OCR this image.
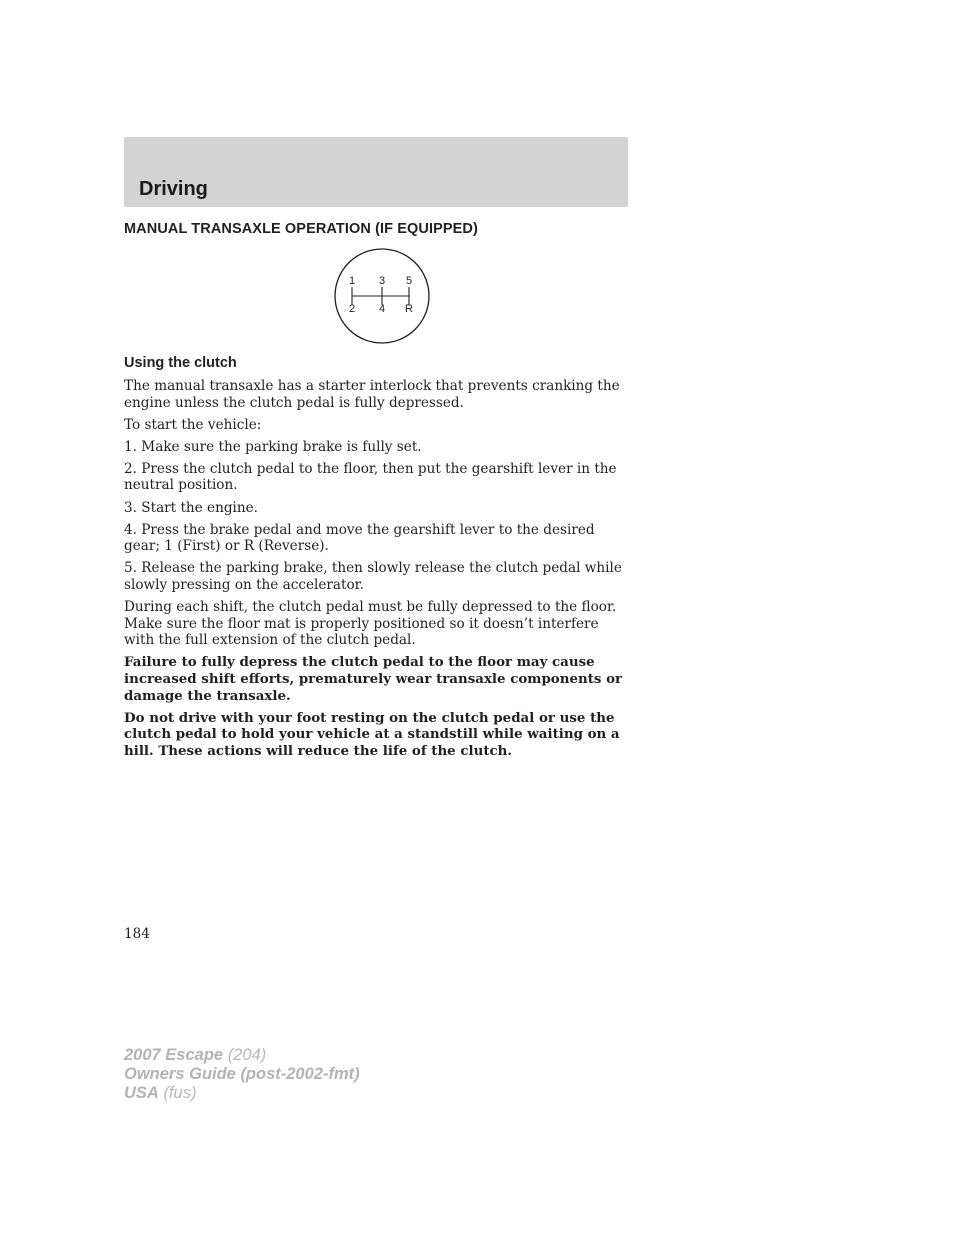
Driving
MANUAL TRANSAXLE OPERATION (IF EQUIPPED)
1 3 5
2 4 R
Using the clutch

The manual transaxle has a starter interlock that prevents cranking the engine unless the clutch pedal is fully depressed.

To start the vehicle:

1. Make sure the parking brake is fully set.

2. Press the clutch pedal to the floor, then put the gearshift lever in the neutral position.

3. Start the engine.

4. Press the brake pedal and move the gearshift lever to the desired gear; 1 (First) or R (Reverse).

5. Release the parking brake, then slowly release the clutch pedal while slowly pressing on the accelerator.

During each shift, the clutch pedal must be fully depressed to the floor. Make sure the floor mat is properly positioned so it doesn’t interfere with the full extension of the clutch pedal.

Failure to fully depress the clutch pedal to the floor may cause increased shift efforts, prematurely wear transaxle components or damage the transaxle.

Do not drive with your foot resting on the clutch pedal or use the clutch pedal to hold your vehicle at a standstill while waiting on a hill. These actions will reduce the life of the clutch.

184
2007 Escape (204)
Owners Guide (post-2002-fmt)
USA (fus)
